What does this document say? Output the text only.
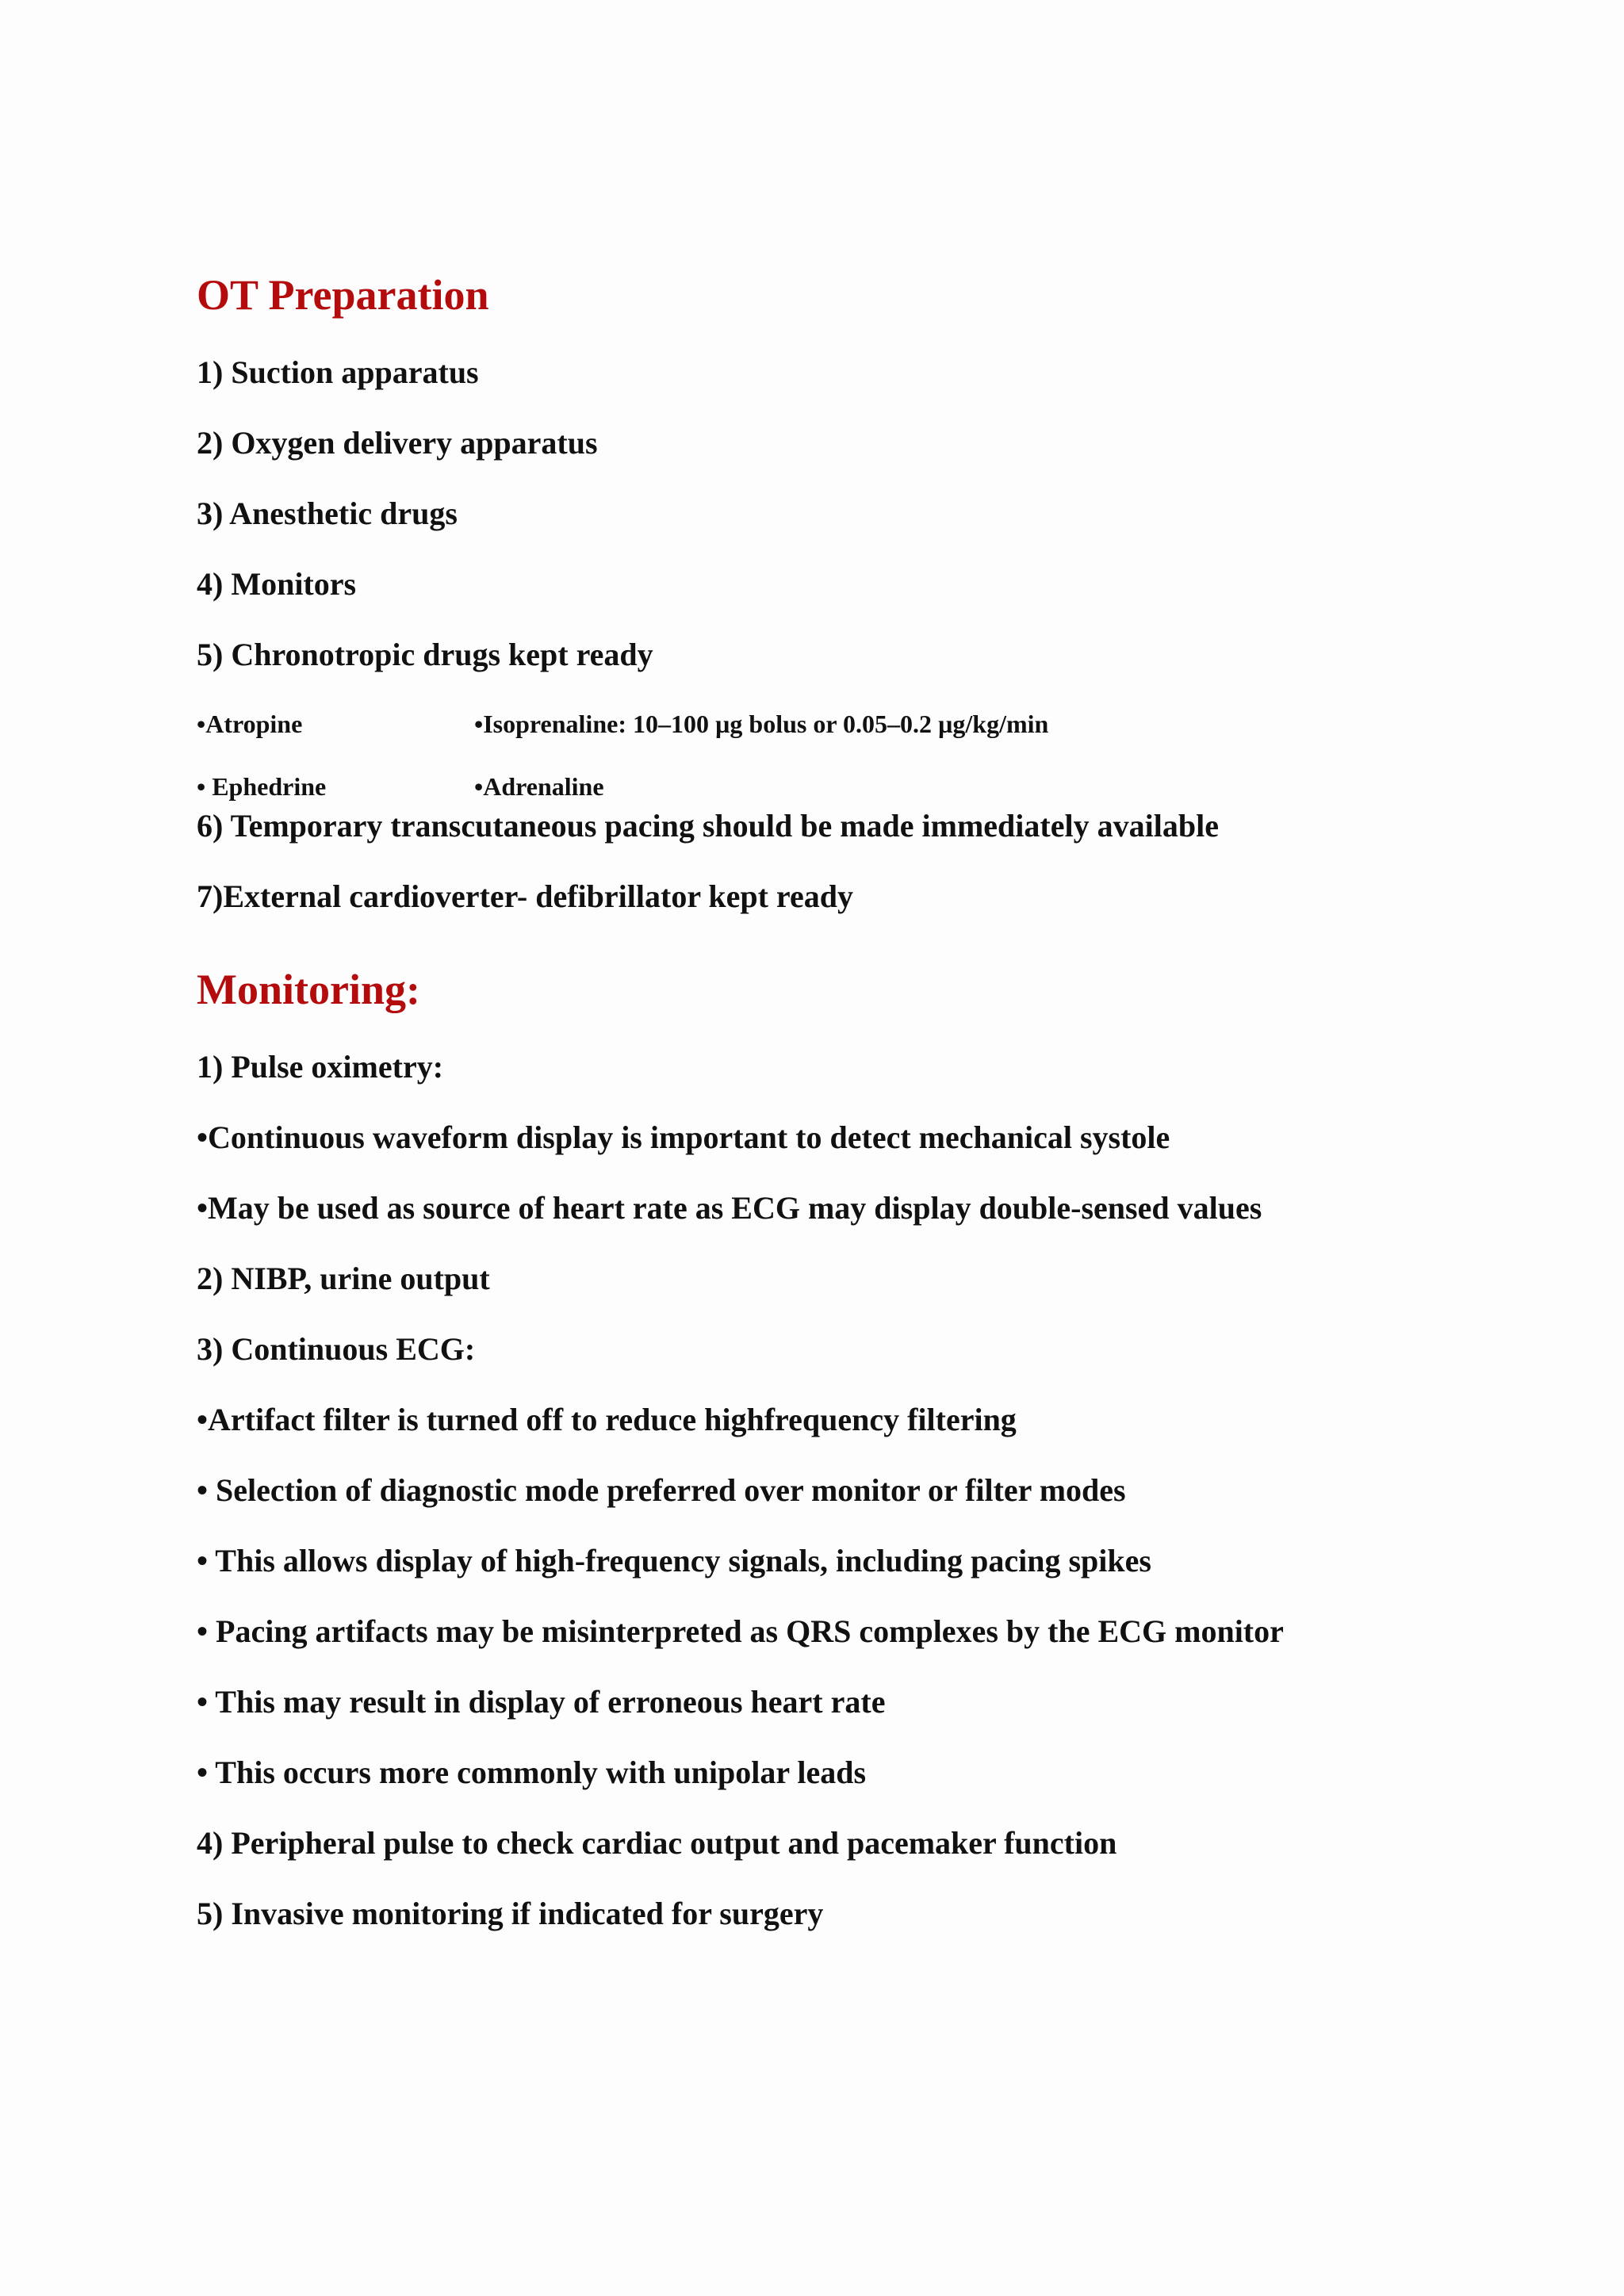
OT Preparation

1) Suction apparatus

2) Oxygen delivery apparatus

3) Anesthetic drugs

4) Monitors

5) Chronotropic drugs kept ready

•Atropine	•Isoprenaline: 10–100 µg bolus or 0.05–0.2 µg/kg/min

• Ephedrine	•Adrenaline

6) Temporary transcutaneous pacing should be made immediately available

7)External cardioverter- defibrillator kept ready

Monitoring:

1) Pulse oximetry:

•Continuous waveform display is important to detect mechanical systole

•May be used as source of heart rate as ECG may display double-sensed values

2) NIBP, urine output

3) Continuous ECG:

•Artifact filter is turned off to reduce highfrequency filtering

• Selection of diagnostic mode preferred over monitor or filter modes

• This allows display of high-frequency signals, including pacing spikes

• Pacing artifacts may be misinterpreted as QRS complexes by the ECG monitor

• This may result in display of erroneous heart rate

• This occurs more commonly with unipolar leads

4) Peripheral pulse to check cardiac output and pacemaker function

5) Invasive monitoring if indicated for surgery
